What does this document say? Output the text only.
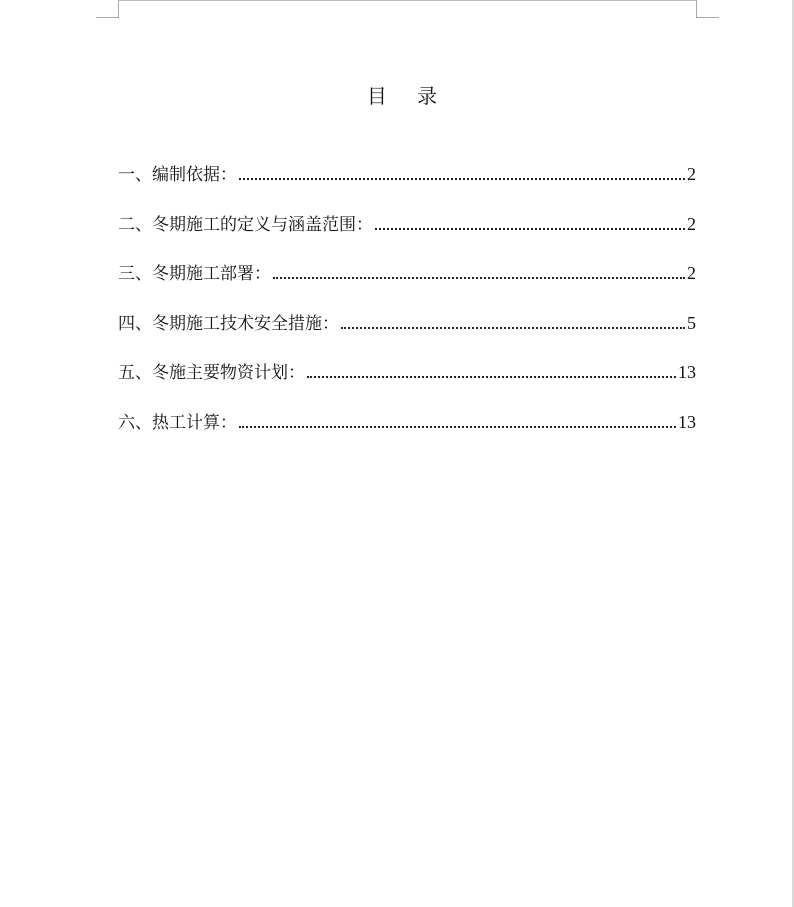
目 录
一、编制依据：	2
二、冬期施工的定义与涵盖范围：	2
三、冬期施工部署：	2
四、冬期施工技术安全措施：	5
五、冬施主要物资计划：	13
六、热工计算：	13
